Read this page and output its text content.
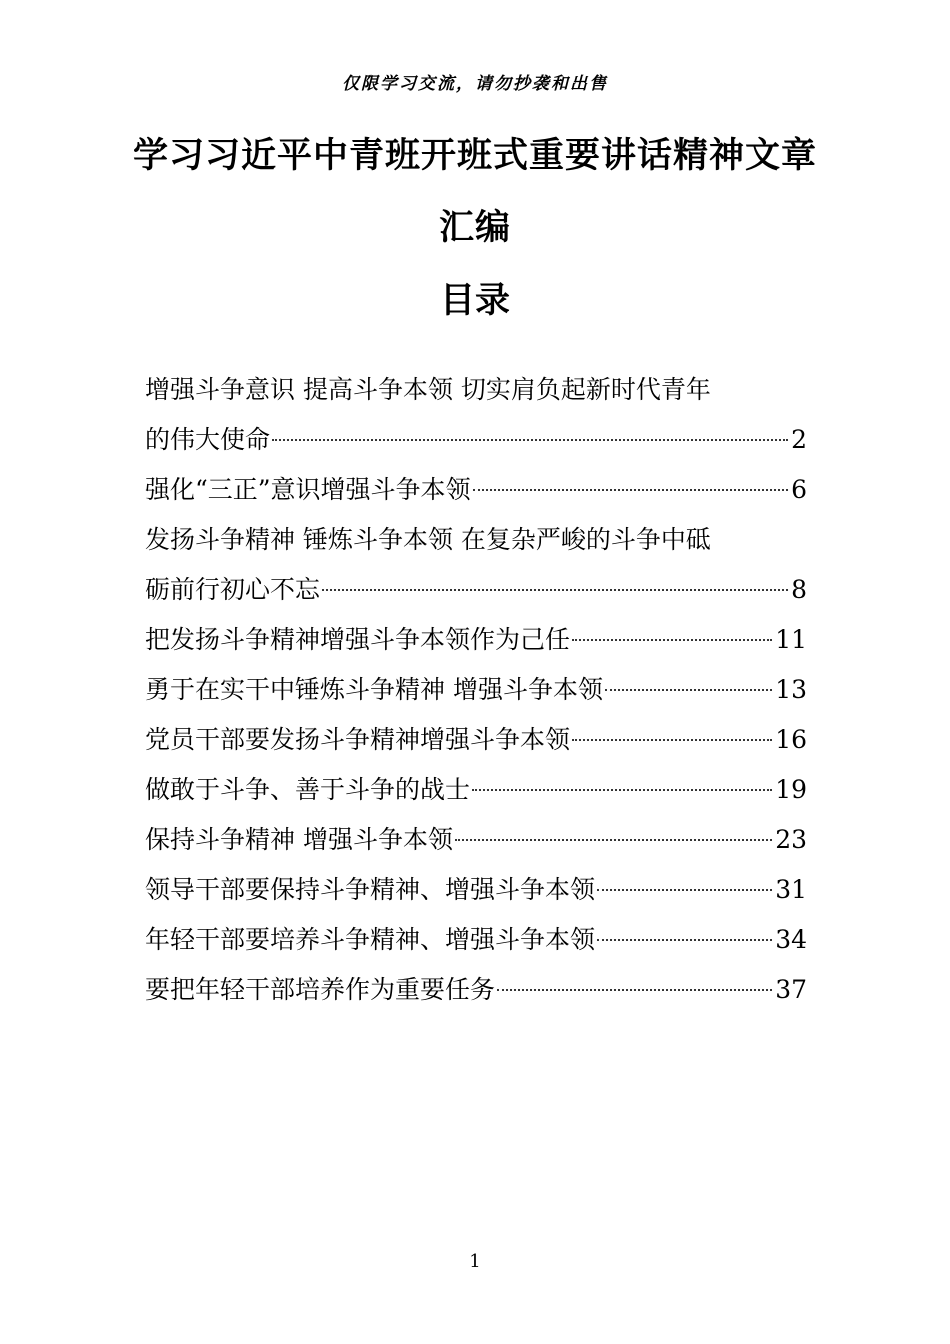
仅限学习交流，请勿抄袭和出售
学习习近平中青班开班式重要讲话精神文章汇编
目录
增强斗争意识 提高斗争本领 切实肩负起新时代青年
的伟大使命	2
强化“三正”意识增强斗争本领	6
发扬斗争精神 锤炼斗争本领 在复杂严峻的斗争中砥
砺前行初心不忘	8
把发扬斗争精神增强斗争本领作为己任	11
勇于在实干中锤炼斗争精神 增强斗争本领	13
党员干部要发扬斗争精神增强斗争本领	16
做敢于斗争、善于斗争的战士	19
保持斗争精神 增强斗争本领	23
领导干部要保持斗争精神、增强斗争本领	31
年轻干部要培养斗争精神、增强斗争本领	34
要把年轻干部培养作为重要任务	37
1
